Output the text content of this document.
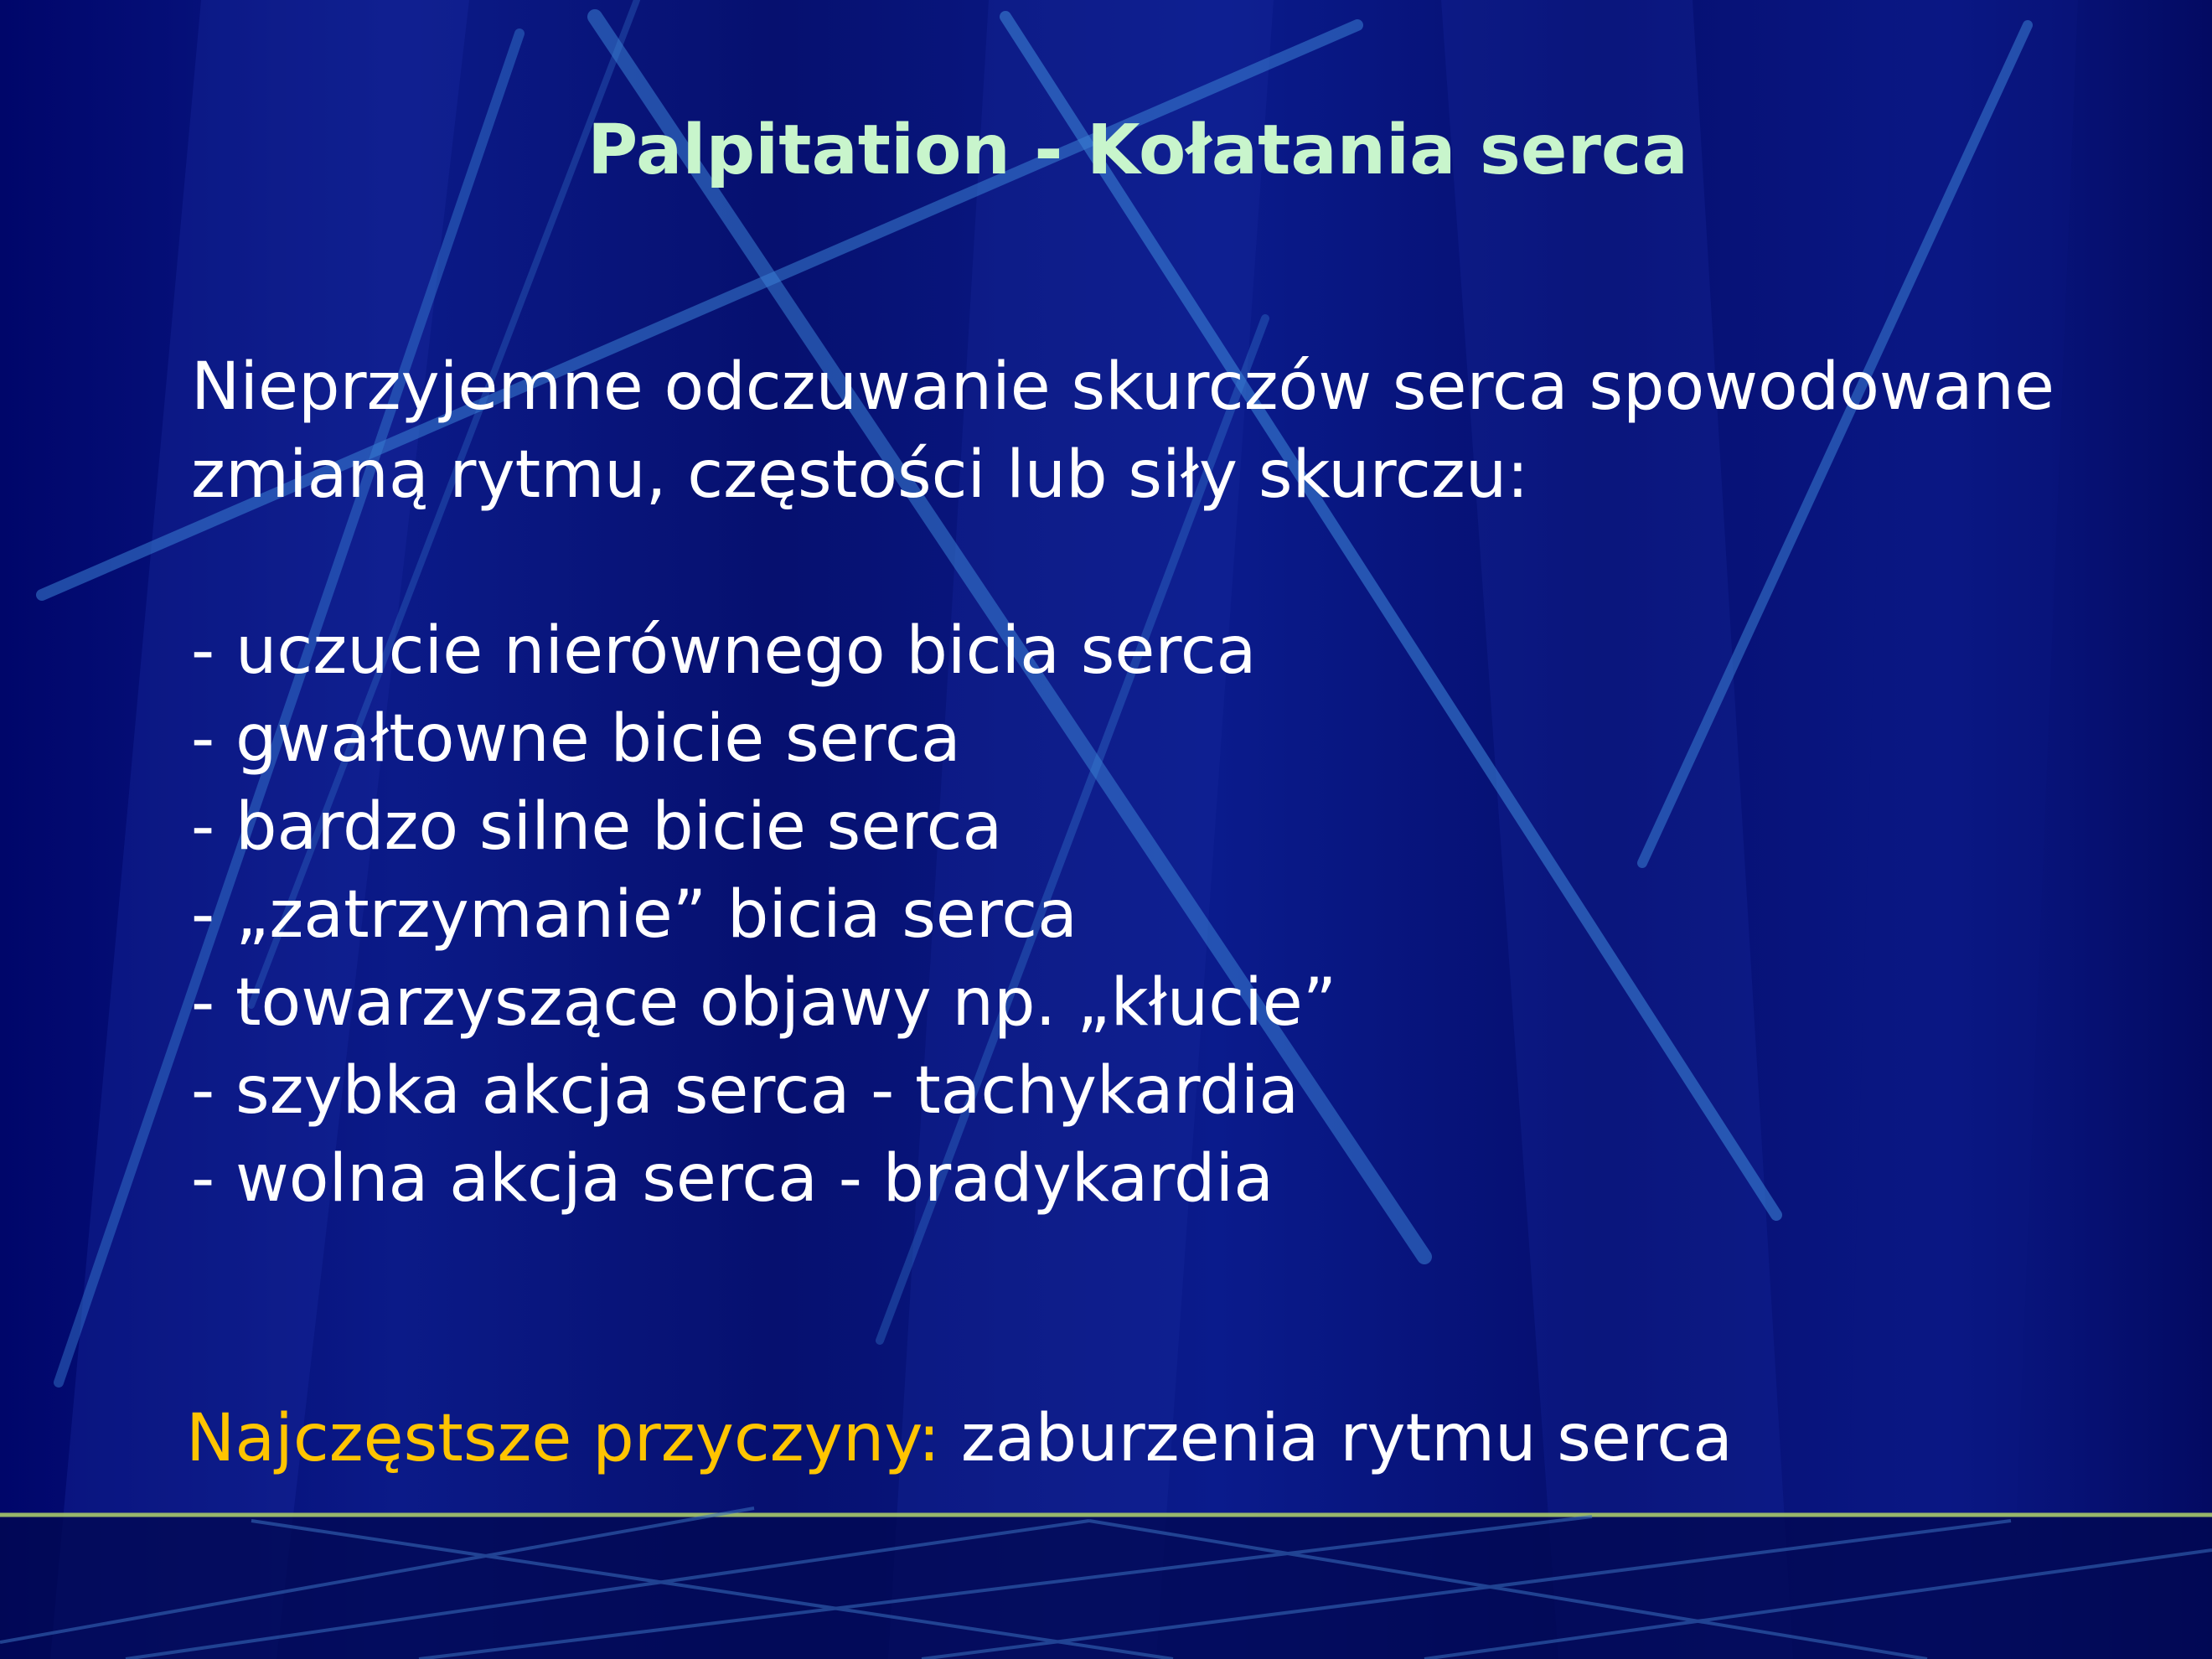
Palpitation - Kołatania serca
Nieprzyjemne odczuwanie skurczów serca spowodowane
zmianą rytmu, częstości lub siły skurczu:
- uczucie nierównego bicia serca
- gwałtowne bicie serca
- bardzo silne bicie serca
- „zatrzymanie” bicia serca
- towarzyszące objawy np. „kłucie”
- szybka akcja serca - tachykardia
- wolna akcja serca - bradykardia
Najczęstsze przyczyny: zaburzenia rytmu serca
